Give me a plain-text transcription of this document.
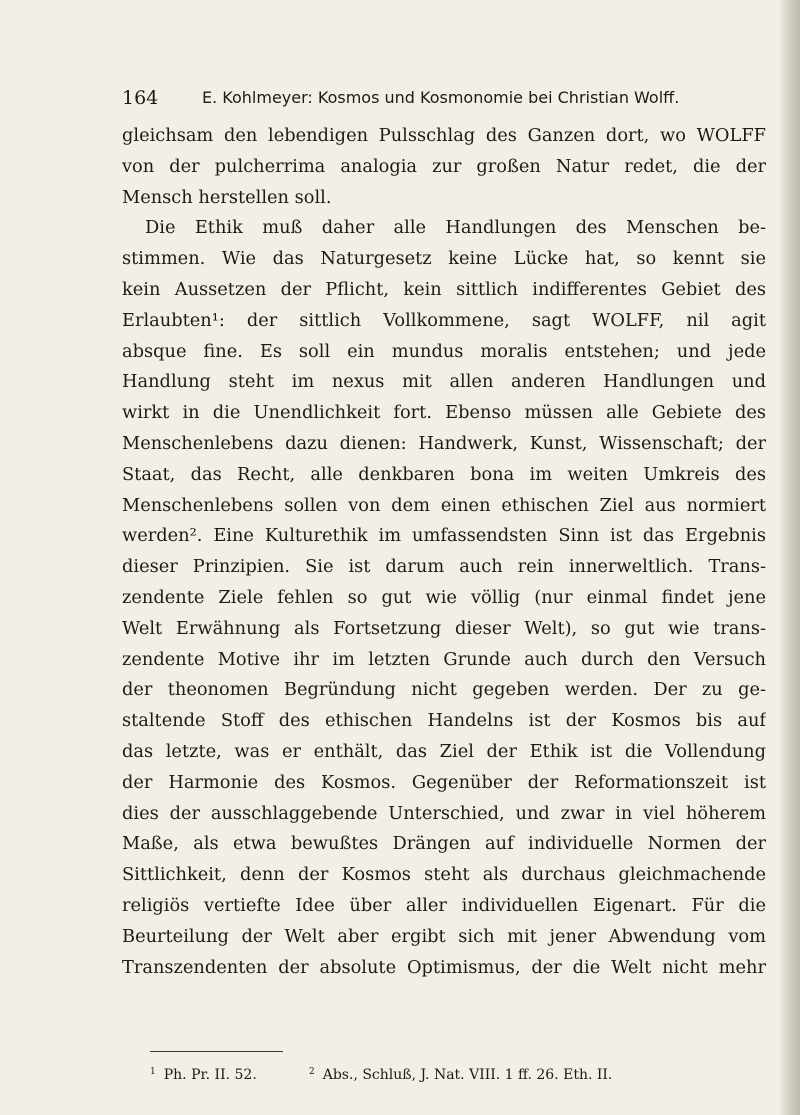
164	E. Kohlmeyer: Kosmos und Kosmonomie bei Christian Wolff.
gleichsam den lebendigen Pulsschlag des Ganzen dort, wo WOLFF
von der pulcherrima analogia zur großen Natur redet, die der
Mensch herstellen soll.
Die Ethik muß daher alle Handlungen des Menschen be-
stimmen. Wie das Naturgesetz keine Lücke hat, so kennt sie
kein Aussetzen der Pflicht, kein sittlich indifferentes Gebiet des
Erlaubten¹: der sittlich Vollkommene, sagt WOLFF, nil agit
absque fine. Es soll ein mundus moralis entstehen; und jede
Handlung steht im nexus mit allen anderen Handlungen und
wirkt in die Unendlichkeit fort. Ebenso müssen alle Gebiete des
Menschenlebens dazu dienen: Handwerk, Kunst, Wissenschaft; der
Staat, das Recht, alle denkbaren bona im weiten Umkreis des
Menschenlebens sollen von dem einen ethischen Ziel aus normiert
werden². Eine Kulturethik im umfassendsten Sinn ist das Ergebnis
dieser Prinzipien. Sie ist darum auch rein innerweltlich. Trans-
zendente Ziele fehlen so gut wie völlig (nur einmal findet jene
Welt Erwähnung als Fortsetzung dieser Welt), so gut wie trans-
zendente Motive ihr im letzten Grunde auch durch den Versuch
der theonomen Begründung nicht gegeben werden. Der zu ge-
staltende Stoff des ethischen Handelns ist der Kosmos bis auf
das letzte, was er enthält, das Ziel der Ethik ist die Vollendung
der Harmonie des Kosmos. Gegenüber der Reformationszeit ist
dies der ausschlaggebende Unterschied, und zwar in viel höherem
Maße, als etwa bewußtes Drängen auf individuelle Normen der
Sittlichkeit, denn der Kosmos steht als durchaus gleichmachende
religiös vertiefte Idee über aller individuellen Eigenart. Für die
Beurteilung der Welt aber ergibt sich mit jener Abwendung vom
Transzendenten der absolute Optimismus, der die Welt nicht mehr
$^1$ Ph. Pr. II. 52.	$^2$ Abs., Schluß, J. Nat. VIII. 1 ff. 26. Eth. II.
